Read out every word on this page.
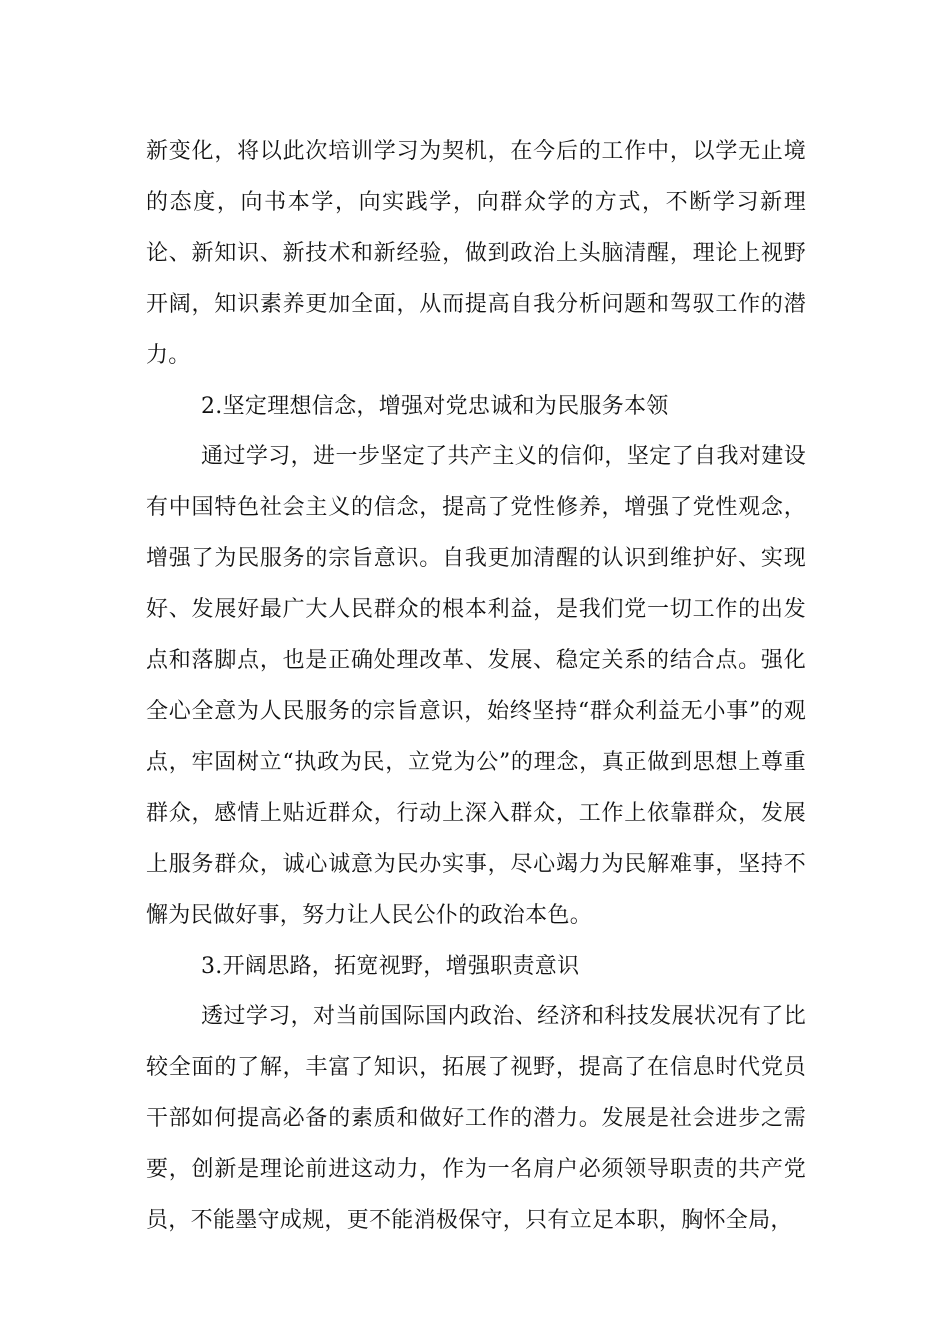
新变化，将以此次培训学习为契机，在今后的工作中，以学无止境的态度，向书本学，向实践学，向群众学的方式，不断学习新理论、新知识、新技术和新经验，做到政治上头脑清醒，理论上视野开阔，知识素养更加全面，从而提高自我分析问题和驾驭工作的潜力。

2.坚定理想信念，增强对党忠诚和为民服务本领

通过学习，进一步坚定了共产主义的信仰，坚定了自我对建设有中国特色社会主义的信念，提高了党性修养，增强了党性观念，增强了为民服务的宗旨意识。自我更加清醒的认识到维护好、实现好、发展好最广大人民群众的根本利益，是我们党一切工作的出发点和落脚点，也是正确处理改革、发展、稳定关系的结合点。强化全心全意为人民服务的宗旨意识，始终坚持“群众利益无小事”的观点，牢固树立“执政为民，立党为公”的理念，真正做到思想上尊重群众，感情上贴近群众，行动上深入群众，工作上依靠群众，发展上服务群众，诚心诚意为民办实事，尽心竭力为民解难事，坚持不懈为民做好事，努力让人民公仆的政治本色。

3.开阔思路，拓宽视野，增强职责意识

透过学习，对当前国际国内政治、经济和科技发展状况有了比较全面的了解，丰富了知识，拓展了视野，提高了在信息时代党员干部如何提高必备的素质和做好工作的潜力。发展是社会进步之需要，创新是理论前进这动力，作为一名肩户必须领导职责的共产党员，不能墨守成规，更不能消极保守，只有立足本职，胸怀全局，
